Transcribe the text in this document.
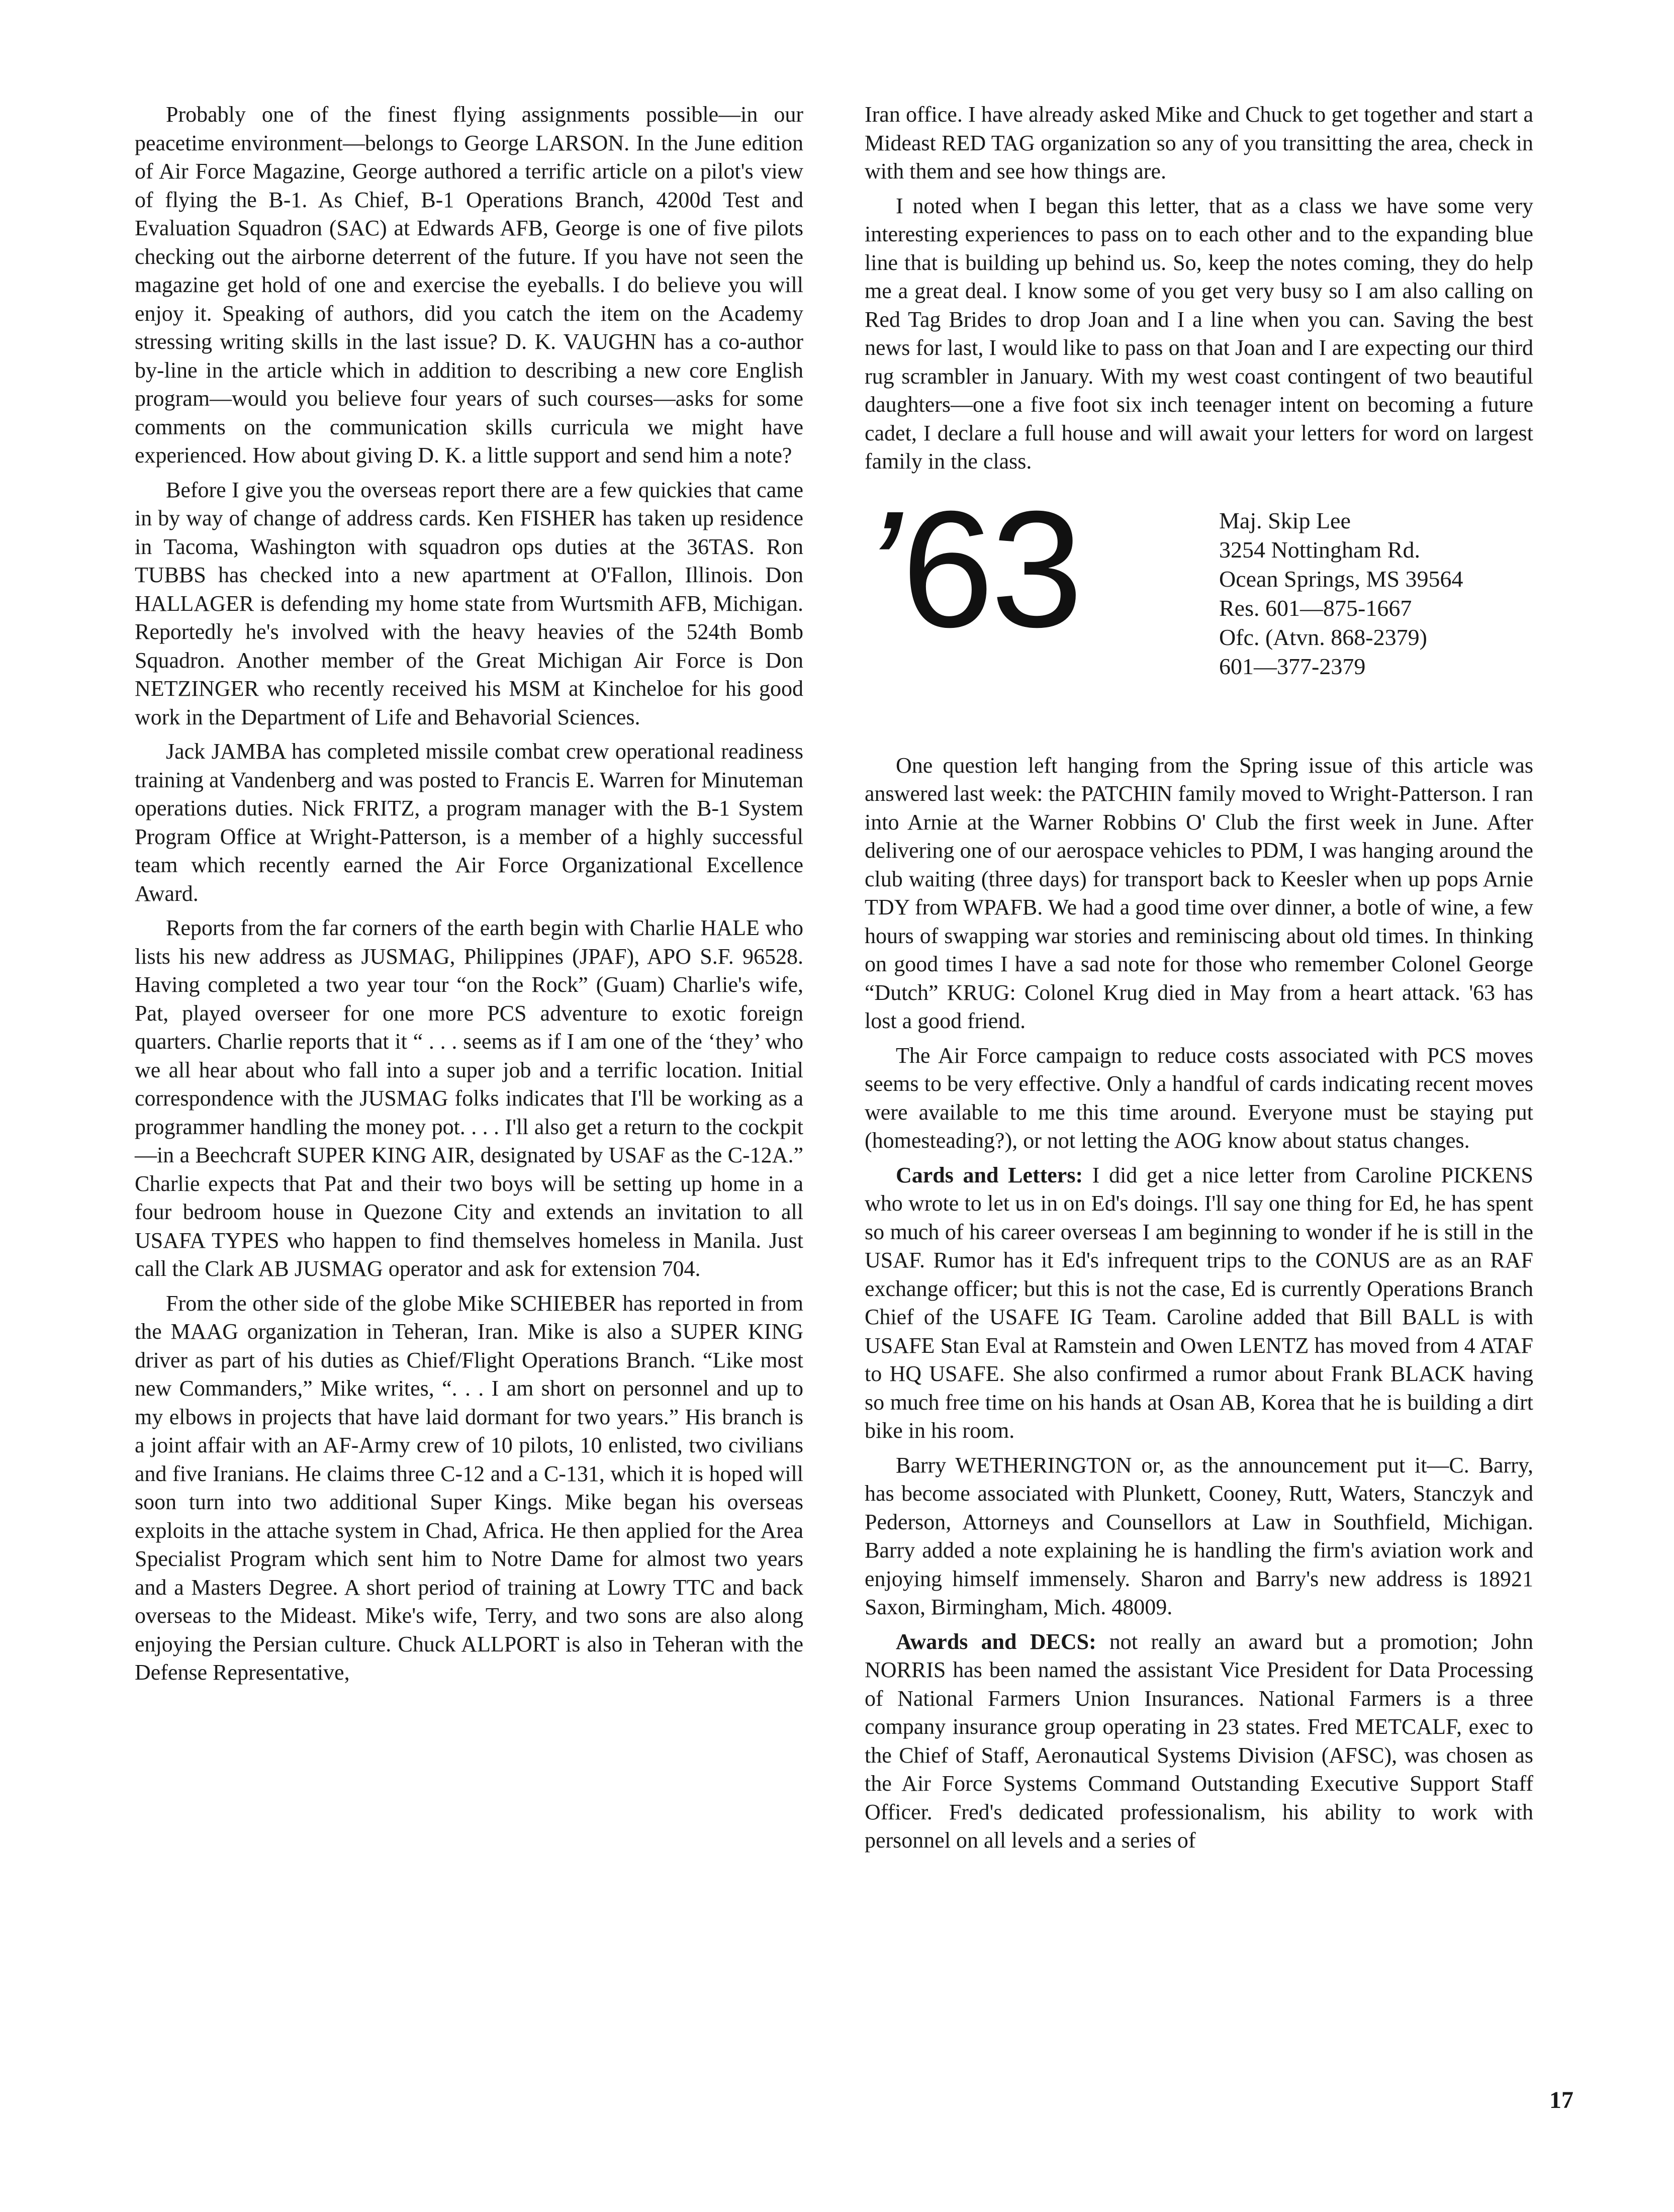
Probably one of the finest flying assignments possible—in our peacetime environment—belongs to George LARSON. In the June edition of Air Force Magazine, George authored a terrific article on a pilot's view of flying the B-1. As Chief, B-1 Operations Branch, 4200d Test and Evaluation Squadron (SAC) at Edwards AFB, George is one of five pilots checking out the airborne deterrent of the future. If you have not seen the magazine get hold of one and exercise the eyeballs. I do believe you will enjoy it. Speaking of authors, did you catch the item on the Academy stressing writing skills in the last issue? D. K. VAUGHN has a co-author by-line in the article which in addition to describing a new core English program—would you believe four years of such courses—asks for some comments on the communication skills curricula we might have experienced. How about giving D. K. a little support and send him a note?

Before I give you the overseas report there are a few quickies that came in by way of change of address cards. Ken FISHER has taken up residence in Tacoma, Washington with squadron ops duties at the 36TAS. Ron TUBBS has checked into a new apartment at O'Fallon, Illinois. Don HALLAGER is defending my home state from Wurtsmith AFB, Michigan. Reportedly he's involved with the heavy heavies of the 524th Bomb Squadron. Another member of the Great Michigan Air Force is Don NETZINGER who recently received his MSM at Kincheloe for his good work in the Department of Life and Behavorial Sciences.

Jack JAMBA has completed missile combat crew operational readiness training at Vandenberg and was posted to Francis E. Warren for Minuteman operations duties. Nick FRITZ, a program manager with the B-1 System Program Office at Wright-Patterson, is a member of a highly successful team which recently earned the Air Force Organizational Excellence Award.

Reports from the far corners of the earth begin with Charlie HALE who lists his new address as JUSMAG, Philippines (JPAF), APO S.F. 96528. Having completed a two year tour “on the Rock” (Guam) Charlie's wife, Pat, played overseer for one more PCS adventure to exotic foreign quarters. Charlie reports that it “ . . . seems as if I am one of the ‘they’ who we all hear about who fall into a super job and a terrific location. Initial correspondence with the JUSMAG folks indicates that I'll be working as a programmer handling the money pot. . . . I'll also get a return to the cockpit—in a Beechcraft SUPER KING AIR, designated by USAF as the C-12A.” Charlie expects that Pat and their two boys will be setting up home in a four bedroom house in Quezone City and extends an invitation to all USAFA TYPES who happen to find themselves homeless in Manila. Just call the Clark AB JUSMAG operator and ask for extension 704.

From the other side of the globe Mike SCHIEBER has reported in from the MAAG organization in Teheran, Iran. Mike is also a SUPER KING driver as part of his duties as Chief/Flight Operations Branch. “Like most new Commanders,” Mike writes, “. . . I am short on personnel and up to my elbows in projects that have laid dormant for two years.” His branch is a joint affair with an AF-Army crew of 10 pilots, 10 enlisted, two civilians and five Iranians. He claims three C-12 and a C-131, which it is hoped will soon turn into two additional Super Kings. Mike began his overseas exploits in the attache system in Chad, Africa. He then applied for the Area Specialist Program which sent him to Notre Dame for almost two years and a Masters Degree. A short period of training at Lowry TTC and back overseas to the Mideast. Mike's wife, Terry, and two sons are also along enjoying the Persian culture. Chuck ALLPORT is also in Teheran with the Defense Representative,

Iran office. I have already asked Mike and Chuck to get together and start a Mideast RED TAG organization so any of you transitting the area, check in with them and see how things are.

I noted when I began this letter, that as a class we have some very interesting experiences to pass on to each other and to the expanding blue line that is building up behind us. So, keep the notes coming, they do help me a great deal. I know some of you get very busy so I am also calling on Red Tag Brides to drop Joan and I a line when you can. Saving the best news for last, I would like to pass on that Joan and I are expecting our third rug scrambler in January. With my west coast contingent of two beautiful daughters—one a five foot six inch teenager intent on becoming a future cadet, I declare a full house and will await your letters for word on largest family in the class.

’63	Maj. Skip Lee
3254 Nottingham Rd.
Ocean Springs, MS 39564
Res. 601—875-1667
Ofc. (Atvn. 868-2379)
601—377-2379

One question left hanging from the Spring issue of this article was answered last week: the PATCHIN family moved to Wright-Patterson. I ran into Arnie at the Warner Robbins O' Club the first week in June. After delivering one of our aerospace vehicles to PDM, I was hanging around the club waiting (three days) for transport back to Keesler when up pops Arnie TDY from WPAFB. We had a good time over dinner, a botle of wine, a few hours of swapping war stories and reminiscing about old times. In thinking on good times I have a sad note for those who remember Colonel George “Dutch” KRUG: Colonel Krug died in May from a heart attack. '63 has lost a good friend.

The Air Force campaign to reduce costs associated with PCS moves seems to be very effective. Only a handful of cards indicating recent moves were available to me this time around. Everyone must be staying put (homesteading?), or not letting the AOG know about status changes.

Cards and Letters: I did get a nice letter from Caroline PICKENS who wrote to let us in on Ed's doings. I'll say one thing for Ed, he has spent so much of his career overseas I am beginning to wonder if he is still in the USAF. Rumor has it Ed's infrequent trips to the CONUS are as an RAF exchange officer; but this is not the case, Ed is currently Operations Branch Chief of the USAFE IG Team. Caroline added that Bill BALL is with USAFE Stan Eval at Ramstein and Owen LENTZ has moved from 4 ATAF to HQ USAFE. She also confirmed a rumor about Frank BLACK having so much free time on his hands at Osan AB, Korea that he is building a dirt bike in his room.

Barry WETHERINGTON or, as the announcement put it—C. Barry, has become associated with Plunkett, Cooney, Rutt, Waters, Stanczyk and Pederson, Attorneys and Counsellors at Law in Southfield, Michigan. Barry added a note explaining he is handling the firm's aviation work and enjoying himself immensely. Sharon and Barry's new address is 18921 Saxon, Birmingham, Mich. 48009.

Awards and DECS: not really an award but a promotion; John NORRIS has been named the assistant Vice President for Data Processing of National Farmers Union Insurances. National Farmers is a three company insurance group operating in 23 states. Fred METCALF, exec to the Chief of Staff, Aeronautical Systems Division (AFSC), was chosen as the Air Force Systems Command Outstanding Executive Support Staff Officer. Fred's dedicated professionalism, his ability to work with personnel on all levels and a series of

17
